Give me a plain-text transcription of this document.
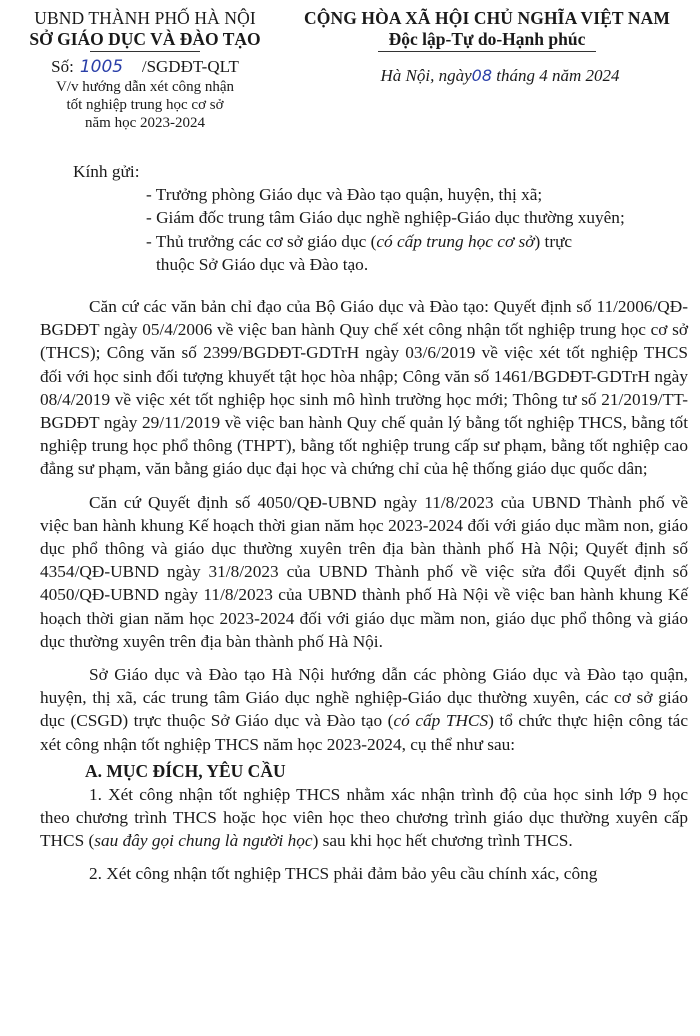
UBND THÀNH PHỐ HÀ NỘI
SỞ GIÁO DỤC VÀ ĐÀO TẠO
Số: 1005 /SGDĐT-QLT
V/v hướng dẫn xét công nhận
tốt nghiệp trung học cơ sở
năm học 2023-2024
CỘNG HÒA XÃ HỘI CHỦ NGHĨA VIỆT NAM
Độc lập-Tự do-Hạnh phúc
Hà Nội, ngày08 tháng 4 năm 2024
Kính gửi:
- Trưởng phòng Giáo dục và Đào tạo quận, huyện, thị xã;
- Giám đốc trung tâm Giáo dục nghề nghiệp-Giáo dục thường xuyên;
- Thủ trưởng các cơ sở giáo dục (có cấp trung học cơ sở) trực
thuộc Sở Giáo dục và Đào tạo.

Căn cứ các văn bản chỉ đạo của Bộ Giáo dục và Đào tạo: Quyết định số 11/2006/QĐ-BGDĐT ngày 05/4/2006 về việc ban hành Quy chế xét công nhận tốt nghiệp trung học cơ sở (THCS); Công văn số 2399/BGDĐT-GDTrH ngày 03/6/2019 về việc xét tốt nghiệp THCS đối với học sinh đối tượng khuyết tật học hòa nhập; Công văn số 1461/BGDĐT-GDTrH ngày 08/4/2019 về việc xét tốt nghiệp học sinh mô hình trường học mới; Thông tư số 21/2019/TT-BGDĐT ngày 29/11/2019 về việc ban hành Quy chế quản lý bằng tốt nghiệp THCS, bằng tốt nghiệp trung học phổ thông (THPT), bằng tốt nghiệp trung cấp sư phạm, bằng tốt nghiệp cao đẳng sư phạm, văn bằng giáo dục đại học và chứng chỉ của hệ thống giáo dục quốc dân;

Căn cứ Quyết định số 4050/QĐ-UBND ngày 11/8/2023 của UBND Thành phố về việc ban hành khung Kế hoạch thời gian năm học 2023-2024 đối với giáo dục mầm non, giáo dục phổ thông và giáo dục thường xuyên trên địa bàn thành phố Hà Nội; Quyết định số 4354/QĐ-UBND ngày 31/8/2023 của UBND Thành phố về việc sửa đổi Quyết định số 4050/QĐ-UBND ngày 11/8/2023 của UBND thành phố Hà Nội về việc ban hành khung Kế hoạch thời gian năm học 2023-2024 đối với giáo dục mầm non, giáo dục phổ thông và giáo dục thường xuyên trên địa bàn thành phố Hà Nội.

Sở Giáo dục và Đào tạo Hà Nội hướng dẫn các phòng Giáo dục và Đào tạo quận, huyện, thị xã, các trung tâm Giáo dục nghề nghiệp-Giáo dục thường xuyên, các cơ sở giáo dục (CSGD) trực thuộc Sở Giáo dục và Đào tạo (có cấp THCS) tổ chức thực hiện công tác xét công nhận tốt nghiệp THCS năm học 2023-2024, cụ thể như sau:

A. MỤC ĐÍCH, YÊU CẦU

1. Xét công nhận tốt nghiệp THCS nhằm xác nhận trình độ của học sinh lớp 9 học theo chương trình THCS hoặc học viên học theo chương trình giáo dục thường xuyên cấp THCS (sau đây gọi chung là người học) sau khi học hết chương trình THCS.

2. Xét công nhận tốt nghiệp THCS phải đảm bảo yêu cầu chính xác, công
